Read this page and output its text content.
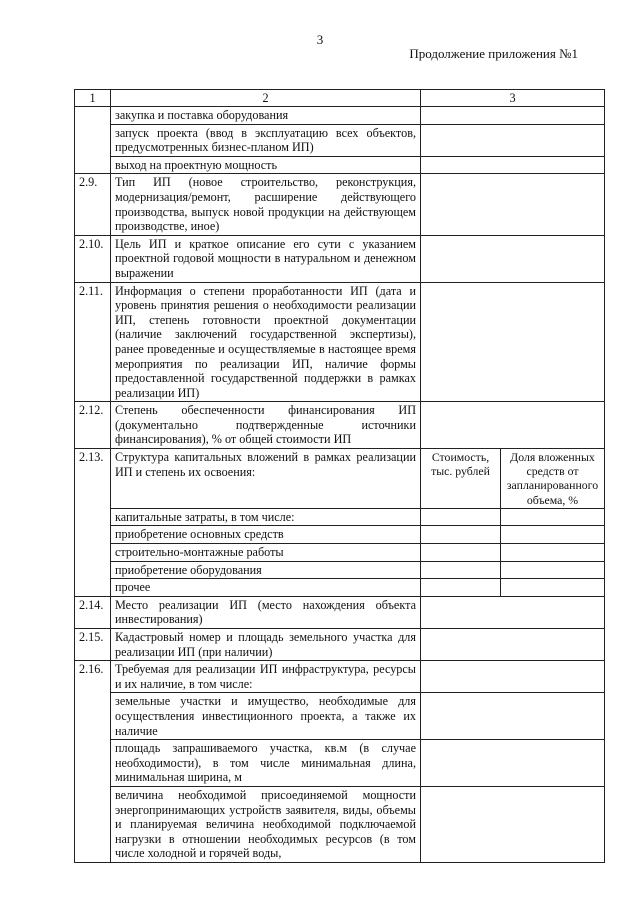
3
Продолжение приложения №1
1	2	3	
	закупка и поставка оборудования		
	запуск проекта (ввод в эксплуатацию всех объектов, предусмотренных бизнес-планом ИП)		
	выход на проектную мощность		
2.9.	Тип ИП (новое строительство, реконструкция, модернизация/ремонт, расширение действующего производства, выпуск новой продукции на действующем производстве, иное)		
2.10.	Цель ИП и краткое описание его сути с указанием проектной годовой мощности в натуральном и денежном выражении		
2.11.	Информация о степени проработанности ИП (дата и уровень принятия решения о необходимости реализации ИП, степень готовности проектной документации (наличие заключений государственной экспертизы), ранее проведенные и осуществляемые в настоящее время мероприятия по реализации ИП, наличие формы предоставленной государственной поддержки в рамках реализации ИП)		
2.12.	Степень обеспеченности финансирования ИП (документально подтвержденные источники финансирования), % от общей стоимости ИП		
2.13.	Структура капитальных вложений в рамках реализации ИП и степень их освоения:	Стоимость, тыс. рублей	Доля вложенных средств от запланированного объема, %
	капитальные затраты, в том числе:		
	приобретение основных средств		
	строительно-монтажные работы		
	приобретение оборудования		
	прочее		
2.14.	Место реализации ИП (место нахождения объекта инвестирования)		
2.15.	Кадастровый номер и площадь земельного участка для реализации ИП (при наличии)		
2.16.	Требуемая для реализации ИП инфраструктура, ресурсы и их наличие, в том числе:		
	земельные участки и имущество, необходимые для осуществления инвестиционного проекта, а также их наличие		
	площадь запрашиваемого участка, кв.м (в случае необходимости), в том числе минимальная длина, минимальная ширина, м		
	величина необходимой присоединяемой мощности энергопринимающих устройств заявителя, виды, объемы и планируемая величина необходимой подключаемой нагрузки в отношении необходимых ресурсов (в том числе холодной и горячей воды,		
